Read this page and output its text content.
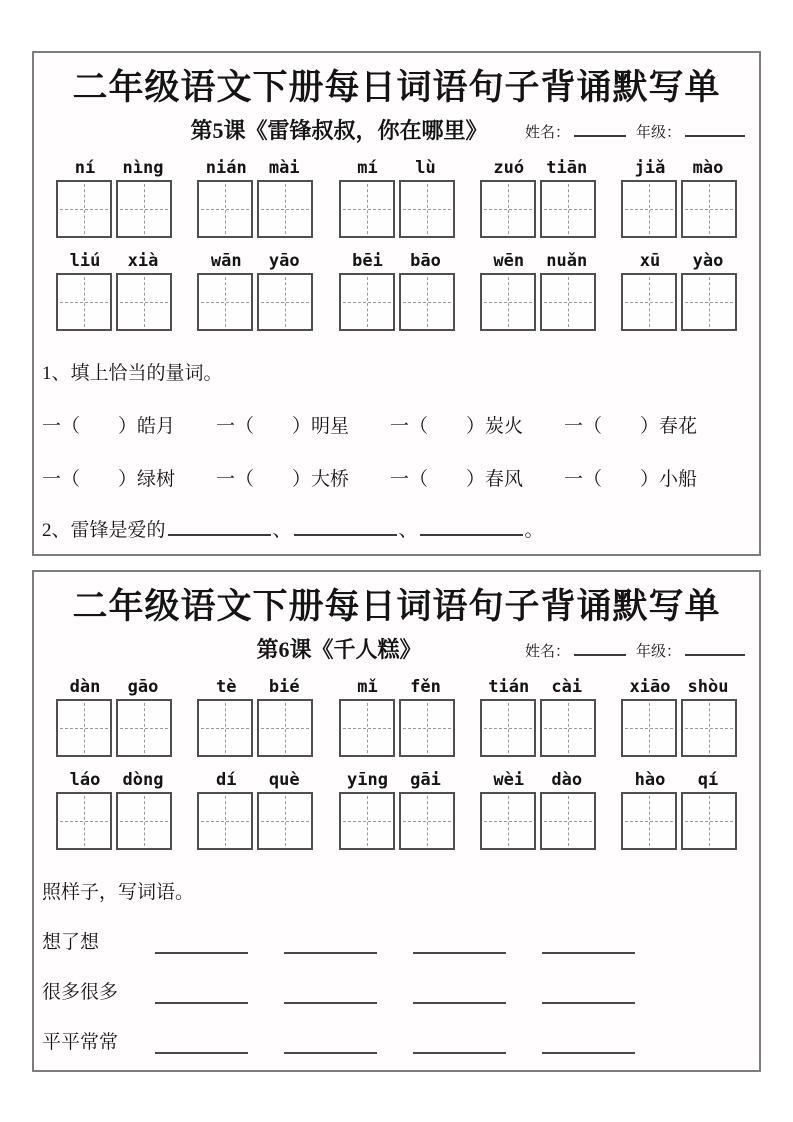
二年级语文下册每日词语句子背诵默写单
第5课《雷锋叔叔，你在哪里》	姓名：	年级：
ní	nìng	nián	mài	mí	lù	zuó	tiān	jiǎ	mào
liú	xià	wān	yāo	bēi	bāo	wēn	nuǎn	xū	yào
1、填上恰当的量词。
一（　　）皓月 一（　　）明星 一（　　）炭火 一（　　）春花
一（　　）绿树 一（　　）大桥 一（　　）春风 一（　　）小船
2、雷锋是爱的	、	、	。
二年级语文下册每日词语句子背诵默写单
第6课《千人糕》	姓名：	年级：
dàn	gāo	tè	bié	mǐ	fěn	tián	cài	xiāo	shòu
láo	dòng	dí	què	yīng	gāi	wèi	dào	hào	qí
照样子，写词语。
想了想
很多很多
平平常常
